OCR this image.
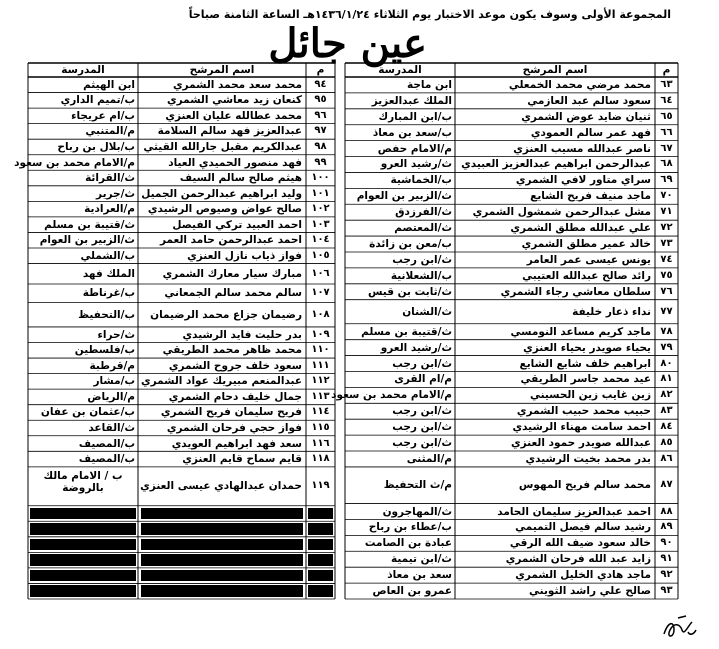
المجموعة الأولى وسوف يكون موعد الاختبار يوم الثلاثاء ١٤٣٦/١/٢٤هـ الساعة الثامنة صباحاً
عين جائل
م
اسم المرشح
المدرسة
م
اسم المرشح
المدرسة
٦٣
محمد مرضي محمد الخمعلي
ابن ماجة
٦٤
سعود سالم عبد العازمي
الملك عبدالعزيز
٦٥
ثنيان ضايد عوض الشمري
ب/ابن المبارك
٦٦
فهد عمر سالم العمودي
ب/سعد بن معاذ
٦٧
ناصر عبدالله مسيب العنزي
م/الامام حفص
٦٨
عبدالرحمن ابراهيم عبدالعزيز العبيدي
ث/رشيد العرو
٦٩
سراي متاور لافي الشمري
ب/الخماشية
٧٠
ماجد منيف فريح الشايع
ث/الزبير بن العوام
٧١
مشل عبدالرحمن شمشول الشمري
ث/الفرزدق
٧٢
علي عبدالله مطلق الشمري
ث/المعتصم
٧٣
خالد عمير مطلق الشمري
ب/معن بن زائدة
٧٤
يونس عيسى عمر العامر
ث/ابن رجب
٧٥
رائد صالح عبدالله العتيبي
ب/الشعلانية
٧٦
سلطان معاشي رجاء الشمري
ث/ثابت بن قيس
٧٧
نداء ذعار خليفة
ث/الشنان
٧٨
ماجد كريم مساعد النومسي
ث/قتيبة بن مسلم
٧٩
يحياء صويدر يحياء العنزي
ث/رشيد العرو
٨٠
ابراهيم خلف شايع الشايع
ث/ابن رجب
٨١
عيد محمد جاسر الطريقي
م/ام القرى
٨٢
زين غايب زين الحسيني
م/الامام محمد بن سعود
٨٣
حبيب محمد حبيب الشمري
ث/ابن رجب
٨٤
احمد سامت مهناء الرشيدي
ث/ابن رجب
٨٥
عبدالله صويدر حمود العنزي
ث/ابن رجب
٨٦
بدر محمد بخيت الرشيدي
م/المثنى
٨٧
محمد سالم فريح المهوس
م/ث التحفيظ
٨٨
احمد عبدالعزيز سليمان الحامد
ث/المهاجرون
٨٩
رشيد سالم فيصل التميمي
ب/عطاء بن رباح
٩٠
خالد سعود ضيف الله الرقي
عبادة بن الصامت
٩١
زايد عبد الله فرحان الشمري
ث/ابن تيمية
٩٢
ماجد هادي الخليل الشمري
سعد بن معاذ
٩٣
صالح علي راشد الثويني
عمرو بن العاص
٩٤
محمد سعد محمد الشمري
ابن الهيثم
٩٥
كنعان زيد معاشي الشمري
ب/تميم الداري
٩٦
محمد عطالله عليان العنزي
ب/ام عريجاء
٩٧
عبدالعزيز فهد سالم السلامة
م/المتنبي
٩٨
عبدالكريم مقبل جارالله القيثي
ب/بلال بن رباح
٩٩
فهد منصور الحميدي العياد
م/الامام محمد بن سعود
١٠٠
هيثم صالح سالم السيف
ث/القرائة
١٠١
وليد ابراهيم عبدالرحمن الجميل
ث/جرير
١٠٢
صالح عواض وصيوص الرشيدي
م/العرادية
١٠٣
احمد العبيد تركي الفيصل
ث/قتيبة بن مسلم
١٠٤
احمد عبدالرحمن حامد العمر
ث/الزبير بن العوام
١٠٥
فواز ذياب نازل العنزي
ب/الشملي
١٠٦
مبارك سيار معارك الشمري
الملك فهد
١٠٧
سالم محمد سالم الجمعاني
ب/غرناطة
١٠٨
رضيمان جزاع محمد الرضيمان
ب/التحفيظ
١٠٩
بدر حليت فايد الرشيدي
ث/حراء
١١٠
محمد ظاهر محمد الطريقي
ب/فلسطين
١١١
سعود خلف جروح الشمري
م/قرطبة
١١٢
عبدالمنعم مبيريك عواد الشمري
ب/مشار
١١٣
جمال خليف دحام الشمري
م/الرياض
١١٤
فريح سليمان فريح الشمري
ب/عثمان بن عفان
١١٥
فواز حجي فرحان الشمري
ث/القاعد
١١٦
سعد فهد ابراهيم العويدي
ب/المصيف
١١٨
قايم سماح قايم العنزي
ب/المصيف
١١٩
حمدان عبدالهادي عيسى العنزي
ب / الامام مالك بالروضة
